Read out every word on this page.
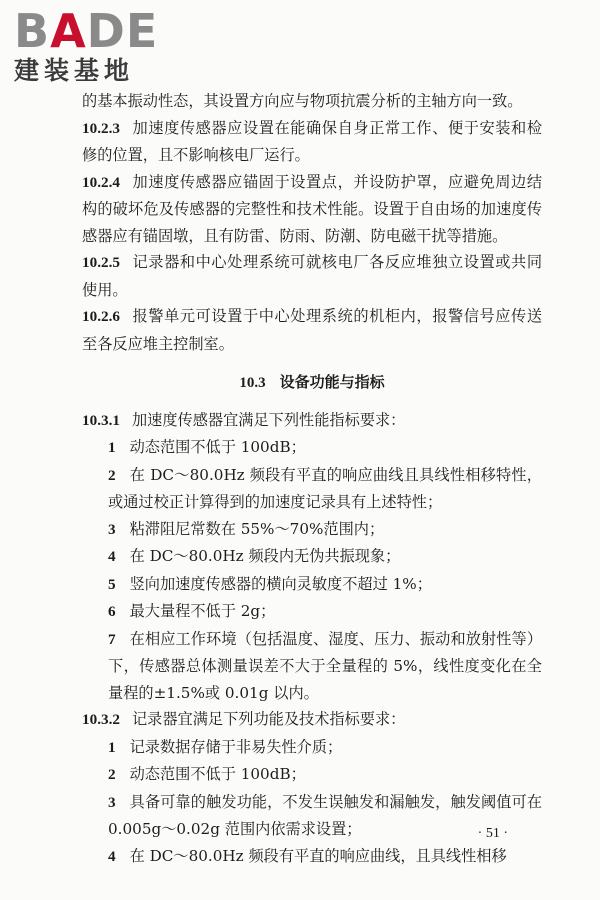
BADE
建装基地

的基本振动性态，其设置方向应与物项抗震分析的主轴方向一致。

10.2.3 加速度传感器应设置在能确保自身正常工作、便于安装和检修的位置，且不影响核电厂运行。

10.2.4 加速度传感器应锚固于设置点，并设防护罩，应避免周边结构的破坏危及传感器的完整性和技术性能。设置于自由场的加速度传感器应有锚固墩，且有防雷、防雨、防潮、防电磁干扰等措施。

10.2.5 记录器和中心处理系统可就核电厂各反应堆独立设置或共同使用。

10.2.6 报警单元可设置于中心处理系统的机柜内，报警信号应传送至各反应堆主控制室。

10.3 设备功能与指标

10.3.1 加速度传感器宜满足下列性能指标要求：

1 动态范围不低于 100dB；

2 在 DC～80.0Hz 频段有平直的响应曲线且具线性相移特性，或通过校正计算得到的加速度记录具有上述特性；

3 粘滞阻尼常数在 55%～70%范围内；

4 在 DC～80.0Hz 频段内无伪共振现象；

5 竖向加速度传感器的横向灵敏度不超过 1%；

6 最大量程不低于 2g；

7 在相应工作环境（包括温度、湿度、压力、振动和放射性等）下，传感器总体测量误差不大于全量程的 5%，线性度变化在全量程的±1.5%或 0.01g 以内。

10.3.2 记录器宜满足下列功能及技术指标要求：

1 记录数据存储于非易失性介质；

2 动态范围不低于 100dB；

3 具备可靠的触发功能，不发生误触发和漏触发，触发阈值可在 0.005g～0.02g 范围内依需求设置；

4 在 DC～80.0Hz 频段有平直的响应曲线，且具线性相移

· 51 ·
